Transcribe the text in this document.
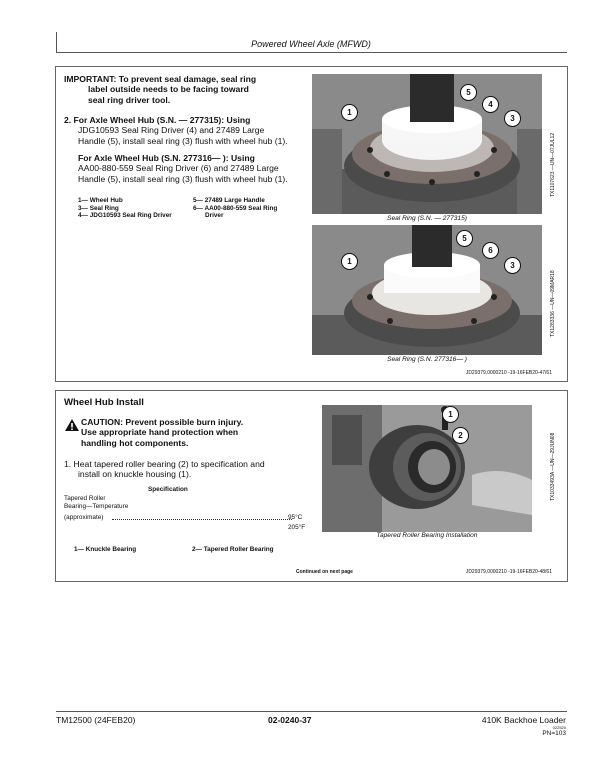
Powered Wheel Axle (MFWD)
IMPORTANT: To prevent seal damage, seal ring
label outside needs to be facing toward
seal ring driver tool.
2. For Axle Wheel Hub (S.N. — 277315): Using
JDG10593 Seal Ring Driver (4) and 27489 Large
Handle (5), install seal ring (3) flush with wheel hub (1).
For Axle Wheel Hub (S.N. 277316— ): Using
AA00-880-559 Seal Ring Driver (6) and 27489 Large
Handle (5), install seal ring (3) flush with wheel hub (1).
1— Wheel Hub
3— Seal Ring
4— JDG10593 Seal Ring Driver
5— 27489 Large Handle
6— AA00-880-559 Seal Ring
Driver
1
5
4
3
Seal Ring (S.N. — 277315)
TX1107623 —UN—07JUL12
1
5
6
3
Seal Ring (S.N. 277316— )
TX1283336 —UN—09MAR18
JD29379,0000210 -19-16FEB20-47/61
Wheel Hub Install
CAUTION: Prevent possible burn injury.
Use appropriate hand protection when
handling hot components.
1. Heat tapered roller bearing (2) to specification and
install on knuckle housing (1).
Specification
Tapered Roller
Bearing—Temperature
(approximate)	95°C
205°F
1— Knuckle Bearing	2— Tapered Roller Bearing
Continued on next page	JD29379,0000210 -19-16FEB20-48/61
1
2
Tapered Roller Bearing Installation
TX1033493A —UN—29JUN08
TM12500 (24FEB20)	02-0240-37	410K Backhoe Loader
022520
PN=103
